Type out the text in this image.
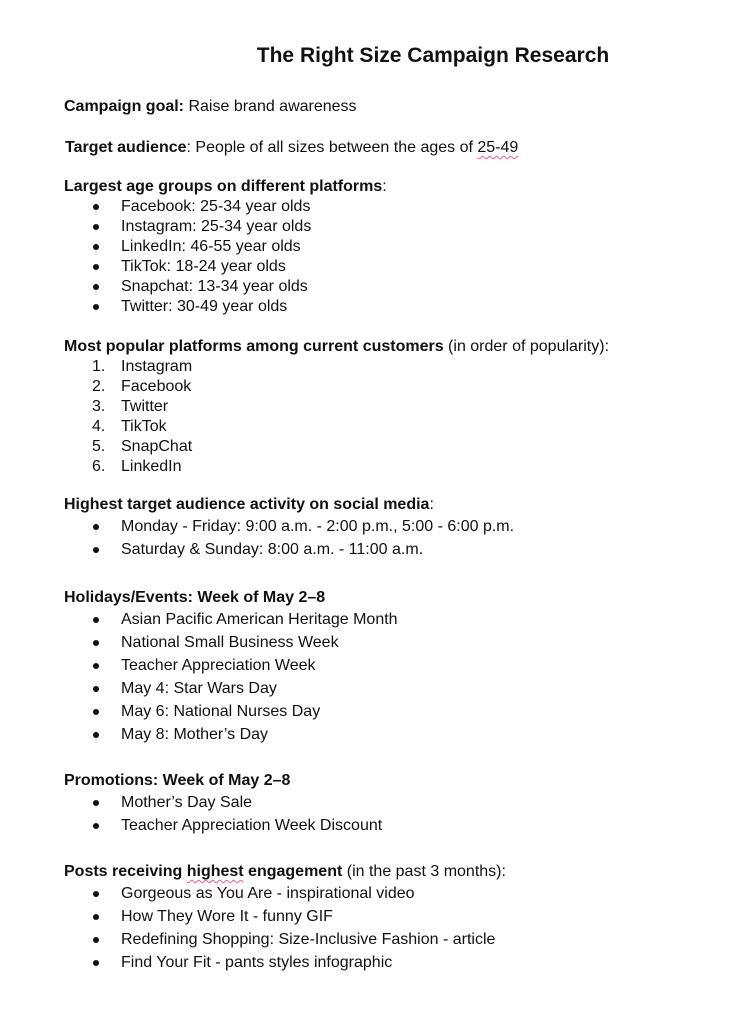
The Right Size Campaign Research
Campaign goal: Raise brand awareness
Target audience: People of all sizes between the ages of 25-49
Largest age groups on different platforms:
Facebook: 25-34 year olds
Instagram: 25-34 year olds
LinkedIn: 46-55 year olds
TikTok: 18-24 year olds
Snapchat: 13-34 year olds
Twitter: 30-49 year olds
Most popular platforms among current customers (in order of popularity):
1. Instagram
2. Facebook
3. Twitter
4. TikTok
5. SnapChat
6. LinkedIn
Highest target audience activity on social media:
Monday - Friday: 9:00 a.m. - 2:00 p.m., 5:00 - 6:00 p.m.
Saturday & Sunday: 8:00 a.m. - 11:00 a.m.
Holidays/Events: Week of May 2–8
Asian Pacific American Heritage Month
National Small Business Week
Teacher Appreciation Week
May 4: Star Wars Day
May 6: National Nurses Day
May 8: Mother’s Day
Promotions: Week of May 2–8
Mother’s Day Sale
Teacher Appreciation Week Discount
Posts receiving highest engagement (in the past 3 months):
Gorgeous as You Are - inspirational video
How They Wore It - funny GIF
Redefining Shopping: Size-Inclusive Fashion - article
Find Your Fit - pants styles infographic
